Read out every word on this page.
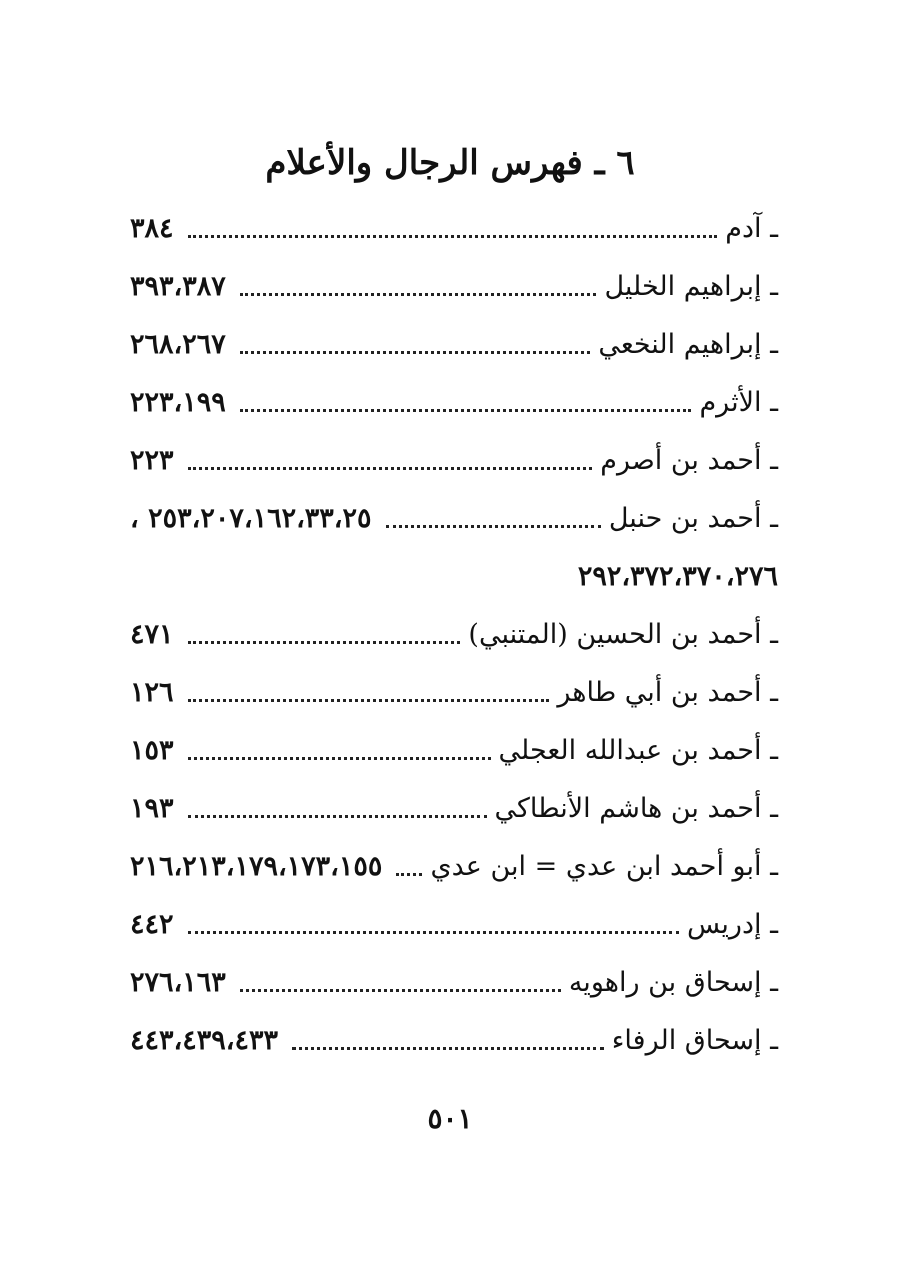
٦ ـ فهرس الرجال والأعلام
ـ آدم
٣٨٤
ـ إبراهيم الخليل
٣٩٣،٣٨٧
ـ إبراهيم النخعي
٢٦٨،٢٦٧
ـ الأثرم
٢٢٣،١٩٩
ـ أحمد بن أصرم
٢٢٣
ـ أحمد بن حنبل
٢٥٣،٢٠٧،١٦٢،٣٣،٢٥ ،
٢٩٢،٣٧٢،٣٧٠،٢٧٦
ـ أحمد بن الحسين (المتنبي)
٤٧١
ـ أحمد بن أبي طاهر
١٢٦
ـ أحمد بن عبدالله العجلي
١٥٣
ـ أحمد بن هاشم الأنطاكي
١٩٣
ـ أبو أحمد ابن عدي = ابن عدي
٢١٦،٢١٣،١٧٩،١٧٣،١٥٥
ـ إدريس
٤٤٢
ـ إسحاق بن راهويه
٢٧٦،١٦٣
ـ إسحاق الرفاء
٤٤٣،٤٣٩،٤٣٣
٥٠١
